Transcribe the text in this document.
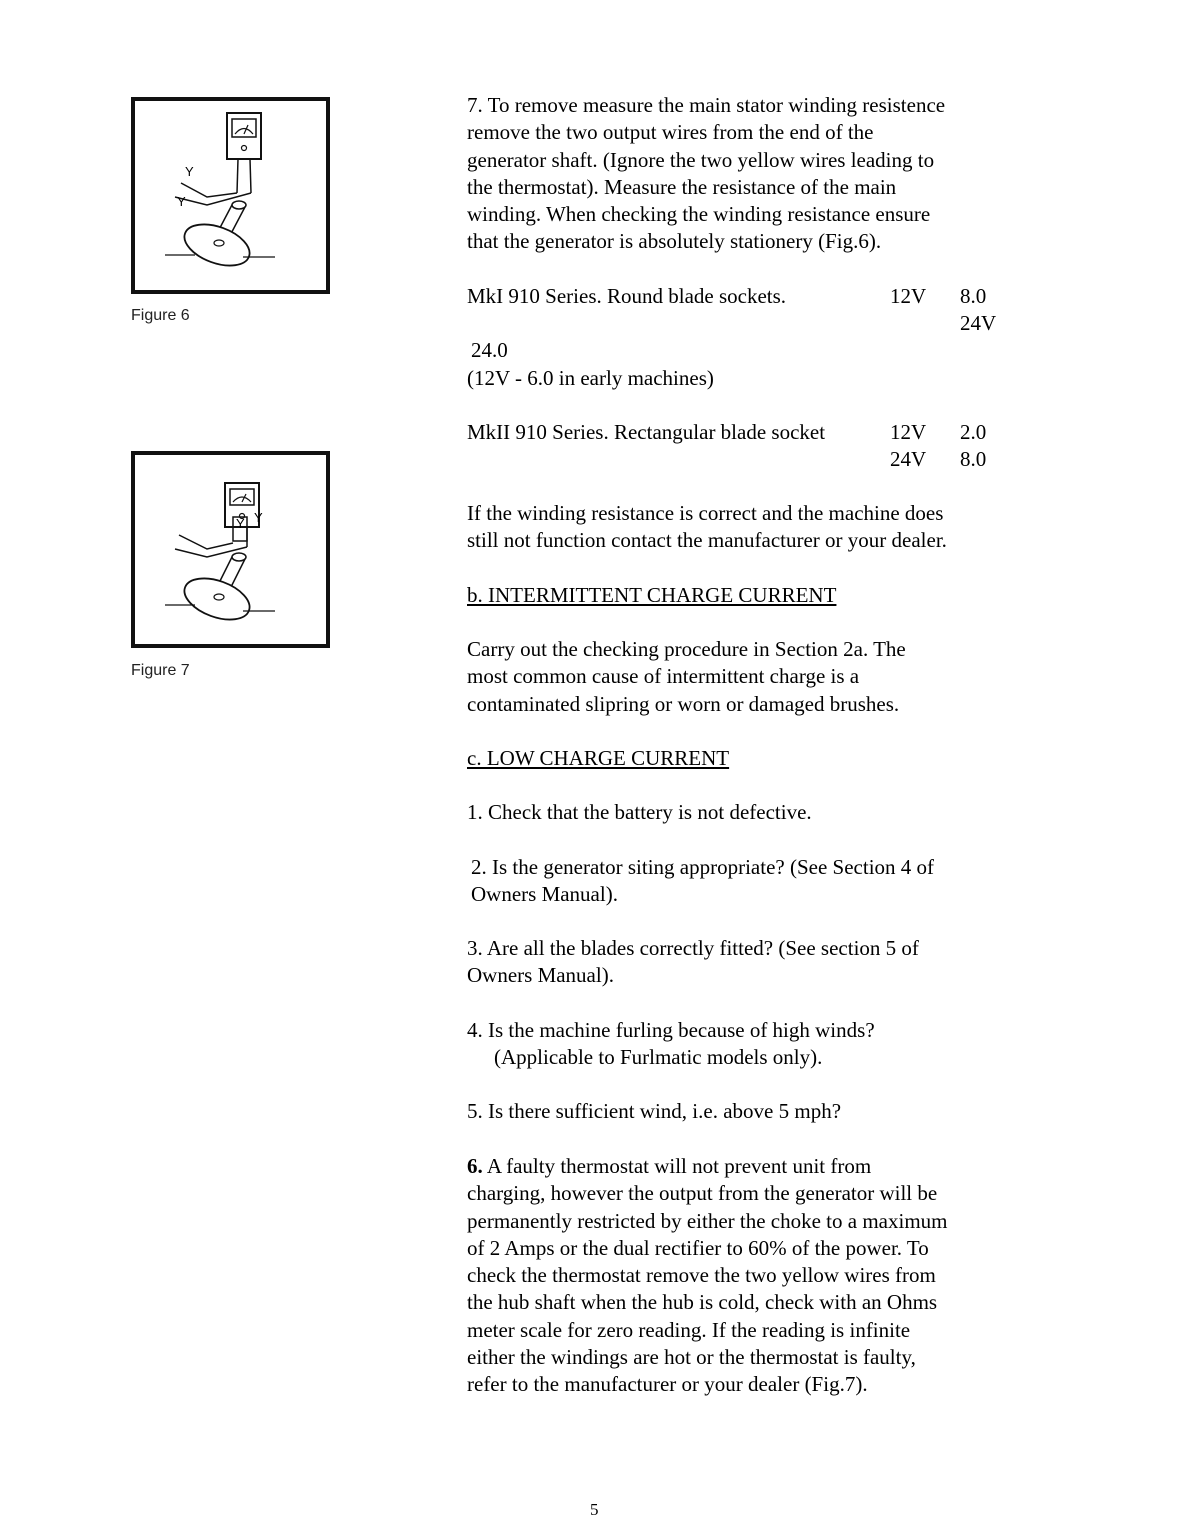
Y
Y
Figure 6
Y Y
Figure 7
7. To remove measure the main stator winding resistence
remove the two output wires from the end of the
generator shaft. (Ignore the two yellow wires leading to
the thermostat). Measure the resistance of the main
winding. When checking the winding resistance ensure
that the generator is absolutely stationery (Fig.6).
MkI 910 Series. Round blade sockets.	12V 8.0
24V
24.0
(12V - 6.0 in early machines)
MkII 910 Series. Rectangular blade socket	12V 2.0
24V 8.0
If the winding resistance is correct and the machine does
still not function contact the manufacturer or your dealer.
b. INTERMITTENT CHARGE CURRENT
Carry out the checking procedure in Section 2a. The
most common cause of intermittent charge is a
contaminated slipring or worn or damaged brushes.
c. LOW CHARGE CURRENT
1. Check that the battery is not defective.
2. Is the generator siting appropriate? (See Section 4 of
Owners Manual).
3. Are all the blades correctly fitted? (See section 5 of
Owners Manual).
4. Is the machine furling because of high winds?
(Applicable to Furlmatic models only).
5. Is there sufficient wind, i.e. above 5 mph?
6. A faulty thermostat will not prevent unit from
charging, however the output from the generator will be
permanently restricted by either the choke to a maximum
of 2 Amps or the dual rectifier to 60% of the power. To
check the thermostat remove the two yellow wires from
the hub shaft when the hub is cold, check with an Ohms
meter scale for zero reading. If the reading is infinite
either the windings are hot or the thermostat is faulty,
refer to the manufacturer or your dealer (Fig.7).
5
